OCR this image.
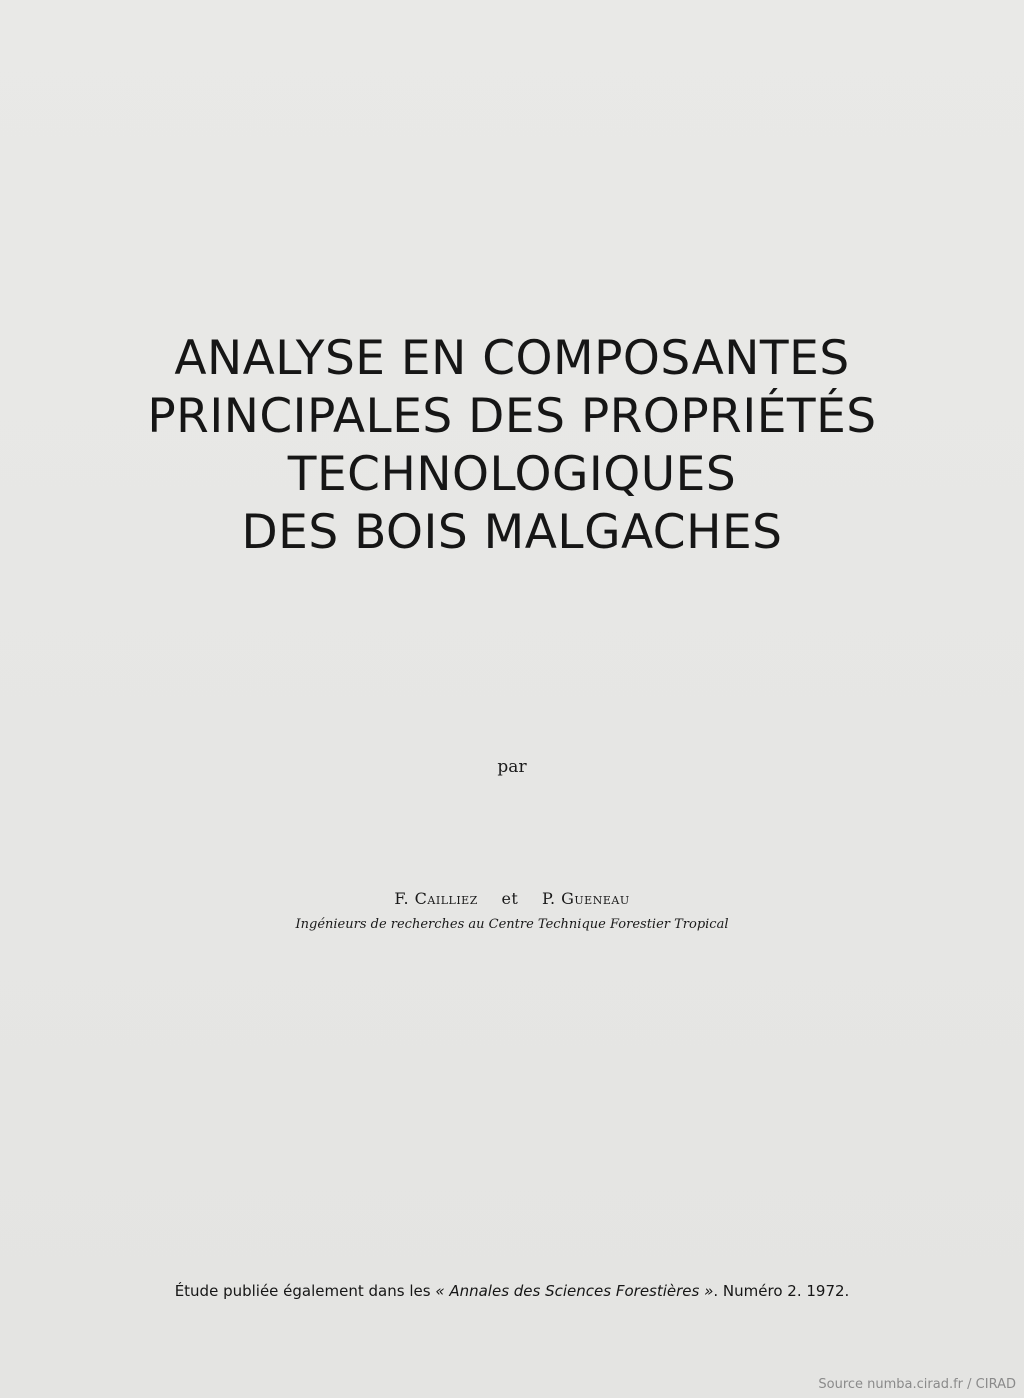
ANALYSE EN COMPOSANTES
PRINCIPALES DES PROPRIÉTÉS
TECHNOLOGIQUES
DES BOIS MALGACHES
par
F. Cailliez et P. Gueneau
Ingénieurs de recherches au Centre Technique Forestier Tropical
Étude publiée également dans les « Annales des Sciences Forestières ». Numéro 2. 1972.
Source numba.cirad.fr / CIRAD
